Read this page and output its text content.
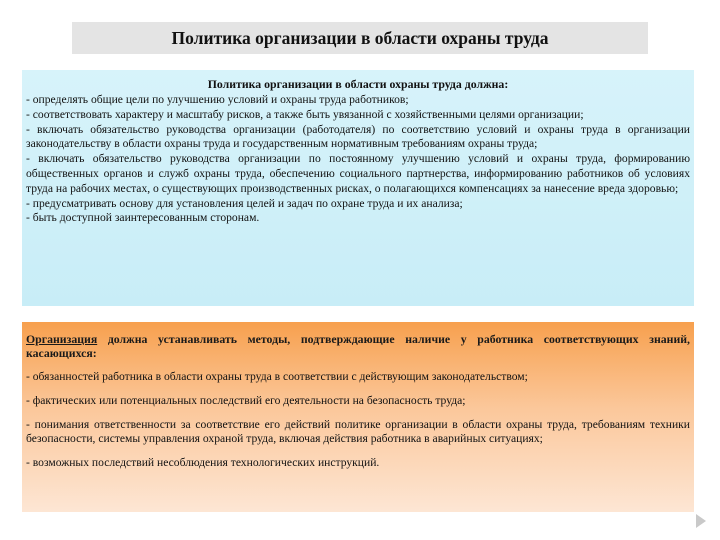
Политика организации в области охраны труда

Политика организации в области охраны труда должна:

- определять общие цели по улучшению условий и охраны труда работников;

- соответствовать характеру и масштабу рисков, а также быть увязанной с хозяйственными целями организации;

- включать обязательство руководства организации (работодателя) по соответствию условий и охраны труда в организации законодательству в области охраны труда и государственным нормативным требованиям охраны труда;

- включать обязательство руководства организации по постоянному улучшению условий и охраны труда, формированию общественных органов и служб охраны труда, обеспечению социального партнерства, информированию работников об условиях труда на рабочих местах, о существующих производственных рисках, о полагающихся компенсациях за нанесение вреда здоровью;

- предусматривать основу для установления целей и задач по охране труда и их анализа;

- быть доступной заинтересованным сторонам.

Организация должна устанавливать методы, подтверждающие наличие у работника соответствующих знаний, касающихся:

- обязанностей работника в области охраны труда в соответствии с действующим законодательством;

- фактических или потенциальных последствий его деятельности на безопасность труда;

- понимания ответственности за соответствие его действий политике организации в области охраны труда, требованиям техники безопасности, системы управления охраной труда, включая действия работника в аварийных ситуациях;

- возможных последствий несоблюдения технологических инструкций.
